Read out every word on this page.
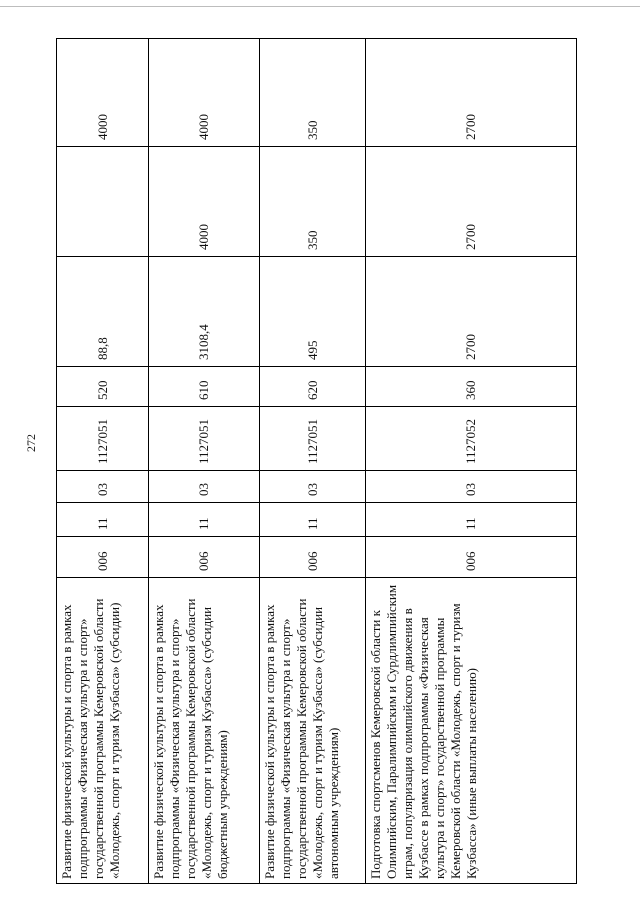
272
Развитие физической культуры и спорта в рамках подпрограммы «Физическая культура и спорт» государственной программы Кемеровской области «Молодежь, спорт и туризм Кузбасса» (субсидии)	006	11	03	1127051	520	88,8		4000
Развитие физической культуры и спорта в рамках подпрограммы «Физическая культура и спорт» государственной программы Кемеровской области «Молодежь, спорт и туризм Кузбасса» (субсидии бюджетным учреждениям)	006	11	03	1127051	610	3108,4	4000	4000
Развитие физической культуры и спорта в рамках подпрограммы «Физическая культура и спорт» государственной программы Кемеровской области «Молодежь, спорт и туризм Кузбасса» (субсидии автономным учреждениям)	006	11	03	1127051	620	495	350	350
Подготовка спортсменов Кемеровской области к Олимпийским, Паралимпийским и Сурдлимпийским играм, популяризация олимпийского движения в Кузбассе в рамках подпрограммы «Физическая культура и спорт» государственной программы Кемеровской области «Молодежь, спорт и туризм Кузбасса» (иные выплаты населению)	006	11	03	1127052	360	2700	2700	2700
